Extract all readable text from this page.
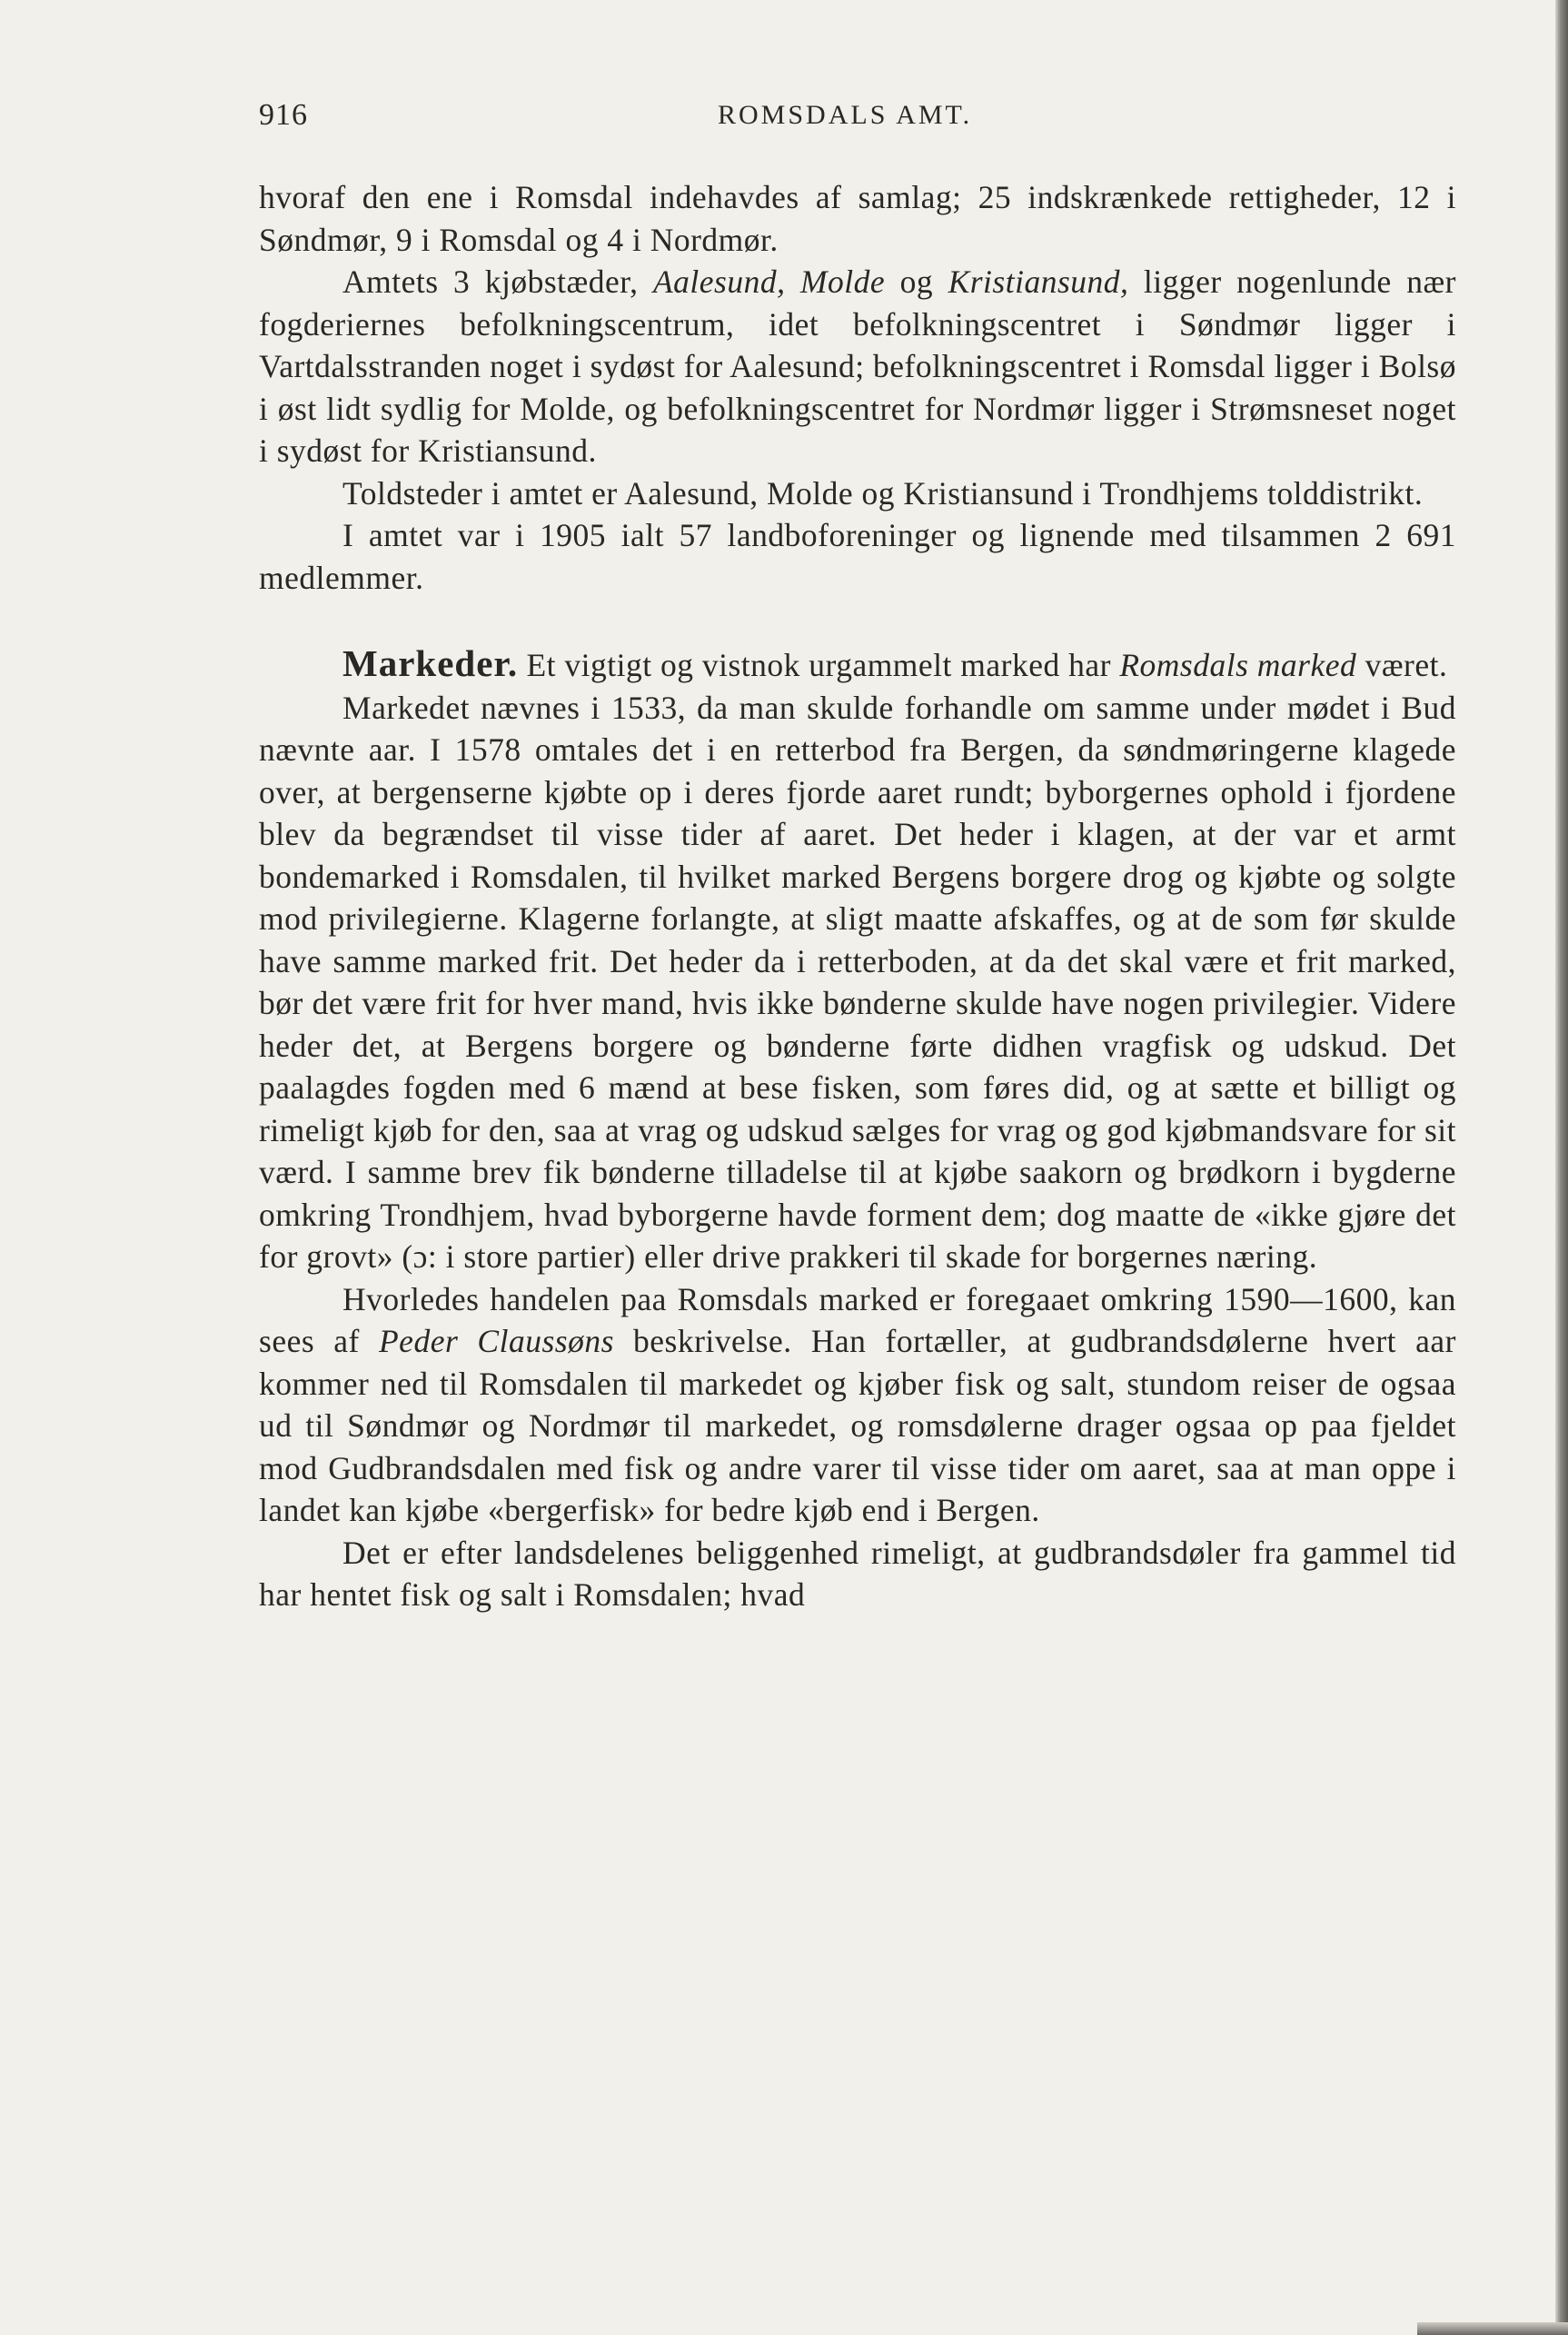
916	ROMSDALS AMT.

hvoraf den ene i Romsdal indehavdes af samlag; 25 indskrænkede rettigheder, 12 i Søndmør, 9 i Romsdal og 4 i Nordmør.

Amtets 3 kjøbstæder, Aalesund, Molde og Kristiansund, ligger nogenlunde nær fogderiernes befolkningscentrum, idet befolkningscentret i Søndmør ligger i Vartdalsstranden noget i sydøst for Aalesund; befolkningscentret i Romsdal ligger i Bolsø i øst lidt sydlig for Molde, og befolkningscentret for Nordmør ligger i Strømsneset noget i sydøst for Kristiansund.

Toldsteder i amtet er Aalesund, Molde og Kristiansund i Trondhjems tolddistrikt.

I amtet var i 1905 ialt 57 landboforeninger og lignende med tilsammen 2 691 medlemmer.

Markeder. Et vigtigt og vistnok urgammelt marked har Romsdals marked været.

Markedet nævnes i 1533, da man skulde forhandle om samme under mødet i Bud nævnte aar. I 1578 omtales det i en retterbod fra Bergen, da søndmøringerne klagede over, at bergenserne kjøbte op i deres fjorde aaret rundt; byborgernes ophold i fjordene blev da begrændset til visse tider af aaret. Det heder i klagen, at der var et armt bondemarked i Romsdalen, til hvilket marked Bergens borgere drog og kjøbte og solgte mod privilegierne. Klagerne forlangte, at sligt maatte afskaffes, og at de som før skulde have samme marked frit. Det heder da i retterboden, at da det skal være et frit marked, bør det være frit for hver mand, hvis ikke bønderne skulde have nogen privilegier. Videre heder det, at Bergens borgere og bønderne førte didhen vragfisk og udskud. Det paalagdes fogden med 6 mænd at bese fisken, som føres did, og at sætte et billigt og rimeligt kjøb for den, saa at vrag og udskud sælges for vrag og god kjøbmandsvare for sit værd. I samme brev fik bønderne tilladelse til at kjøbe saakorn og brødkorn i bygderne omkring Trondhjem, hvad byborgerne havde forment dem; dog maatte de «ikke gjøre det for grovt» (ɔ: i store partier) eller drive prakkeri til skade for borgernes næring.

Hvorledes handelen paa Romsdals marked er foregaaet omkring 1590—1600, kan sees af Peder Claussøns beskrivelse. Han fortæller, at gudbrandsdølerne hvert aar kommer ned til Romsdalen til markedet og kjøber fisk og salt, stundom reiser de ogsaa ud til Søndmør og Nordmør til markedet, og romsdølerne drager ogsaa op paa fjeldet mod Gudbrandsdalen med fisk og andre varer til visse tider om aaret, saa at man oppe i landet kan kjøbe «bergerfisk» for bedre kjøb end i Bergen.

Det er efter landsdelenes beliggenhed rimeligt, at gudbrandsdøler fra gammel tid har hentet fisk og salt i Romsdalen; hvad
